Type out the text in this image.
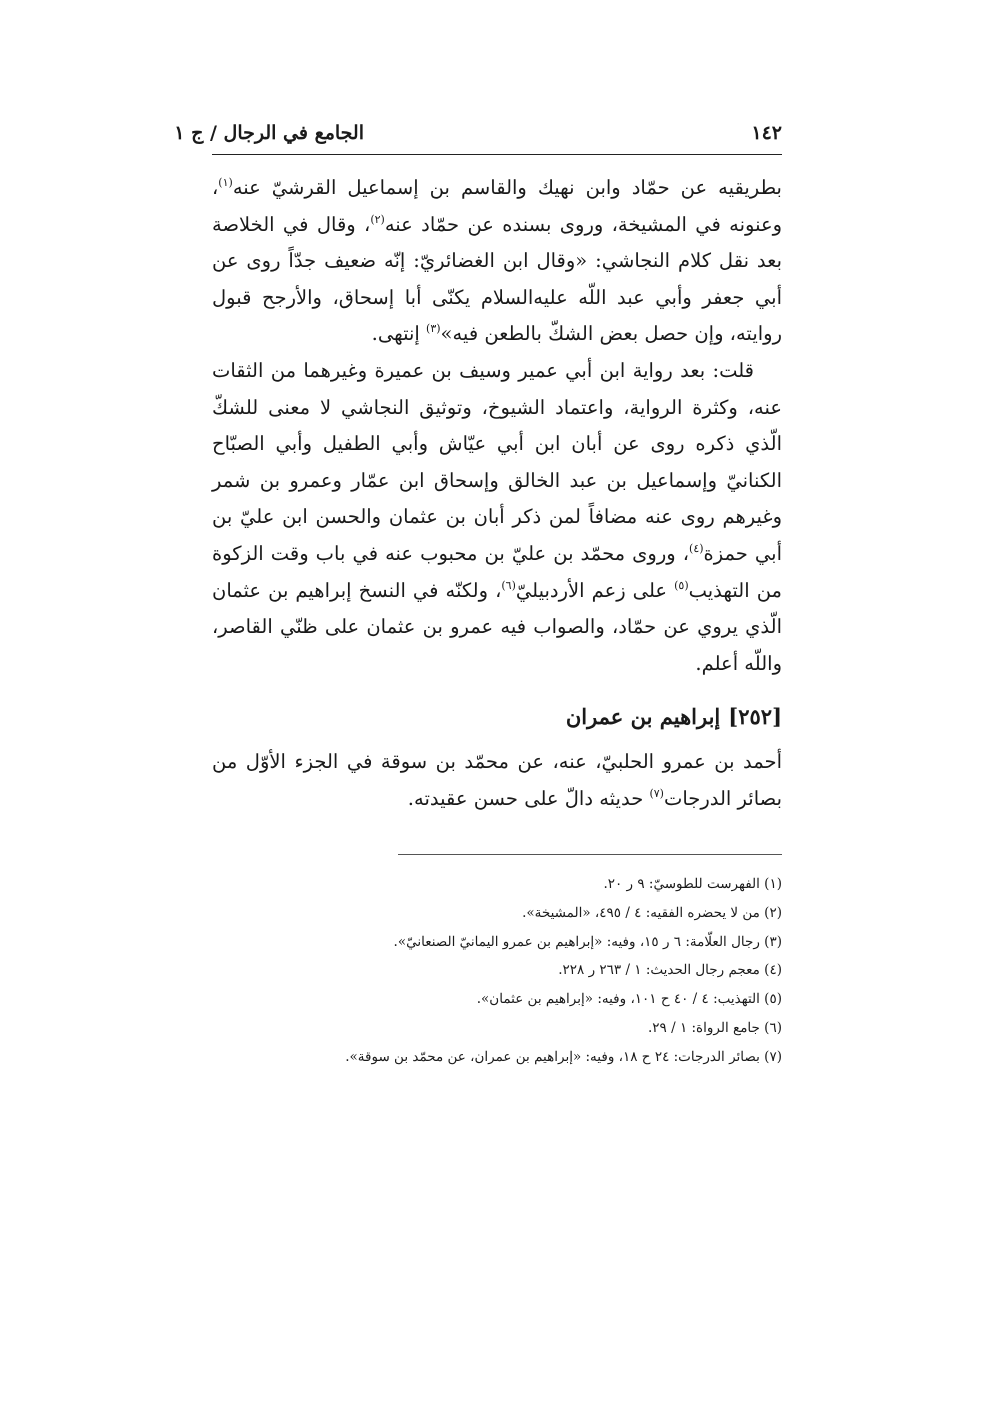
الجامع في الرجال / ج ١	١٤٢

بطريقيه عن حمّاد وابن نهيك والقاسم بن إسماعيل القرشيّ عنه$^{(١)}$، وعنونه في المشيخة، وروى بسنده عن حمّاد عنه$^{(٢)}$، وقال في الخلاصة بعد نقل كلام النجاشي: «وقال ابن الغضائريّ: إنّه ضعيف جدّاً روى عن أبي جعفر وأبي عبد اللّه عليه‌السلام يكنّى أبا إسحاق، والأرجح قبول روايته، وإن حصل بعض الشكّ بالطعن فيه»$^{(٣)}$ إنتهى.

قلت: بعد رواية ابن أبي عمير وسيف بن عميرة وغيرهما من الثقات عنه، وكثرة الرواية، واعتماد الشيوخ، وتوثيق النجاشي لا معنى للشكّ الّذي ذكره روى عن أبان ابن أبي عيّاش وأبي الطفيل وأبي الصبّاح الكنانيّ وإسماعيل بن عبد الخالق وإسحاق ابن عمّار وعمرو بن شمر وغيرهم روى عنه مضافاً لمن ذكر أبان بن عثمان والحسن ابن عليّ بن أبي حمزة$^{(٤)}$، وروى محمّد بن عليّ بن محبوب عنه في باب وقت الزكوة من التهذيب$^{(٥)}$ على زعم الأردبيليّ$^{(٦)}$، ولكنّه في النسخ إبراهيم بن عثمان الّذي يروي عن حمّاد، والصواب فيه عمرو بن عثمان على ظنّي القاصر، واللّه أعلم.

[٢٥٢]إبراهيم بن عمران

أحمد بن عمرو الحلبيّ، عنه، عن محمّد بن سوقة في الجزء الأوّل من بصائر الدرجات$^{(٧)}$ حديثه دالّ على حسن عقيدته.

(١) الفهرست للطوسيّ: ٩ ر ٢٠.
(٢) من لا يحضره الفقيه: ٤ / ٤٩٥، «المشيخة».
(٣) رجال العلّامة: ٦ ر ١٥، وفيه: «إبراهيم بن عمرو اليمانيّ الصنعانيّ».
(٤) معجم رجال الحديث: ١ / ٢٦٣ ر ٢٢٨.
(٥) التهذيب: ٤ / ٤٠ ح ١٠١، وفيه: «إبراهيم بن عثمان».
(٦) جامع الرواة: ١ / ٢٩.
(٧) بصائر الدرجات: ٢٤ ح ١٨، وفيه: «إبراهيم بن عمران، عن محمّد بن سوقة».
